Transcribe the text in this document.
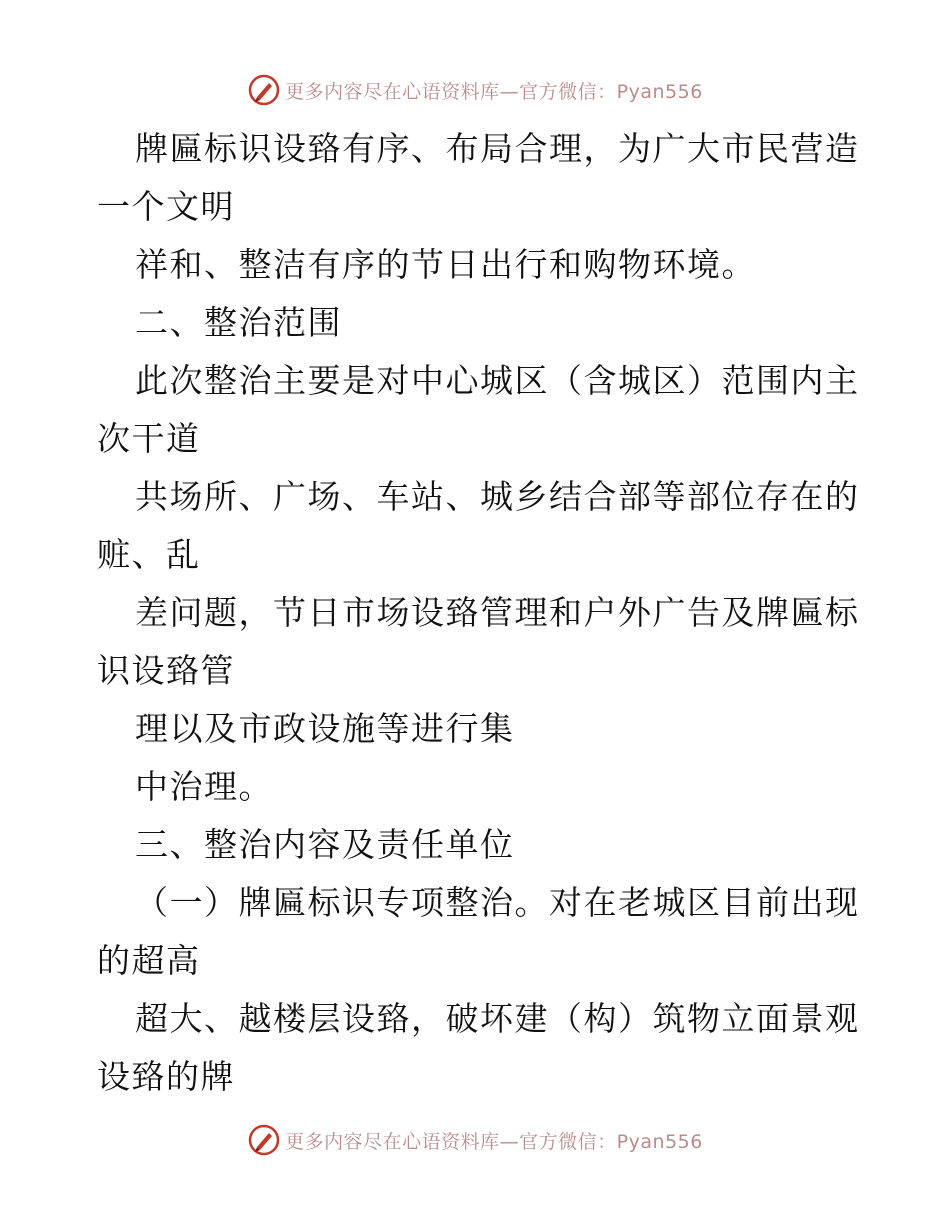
更多内容尽在心语资料库—官方微信：Pyan556
牌匾标识设臵有序、布局合理，为广大市民营造
一个文明
祥和、整洁有序的节日出行和购物环境。
二、整治范围
此次整治主要是对中心城区（含城区）范围内主
次干道
共场所、广场、车站、城乡结合部等部位存在的
赃、乱
差问题，节日市场设臵管理和户外广告及牌匾标
识设臵管
理以及市政设施等进行集
中治理。
三、整治内容及责任单位
（一）牌匾标识专项整治。对在老城区目前出现
的超高
超大、越楼层设臵，破坏建（构）筑物立面景观
设臵的牌
更多内容尽在心语资料库—官方微信：Pyan556
